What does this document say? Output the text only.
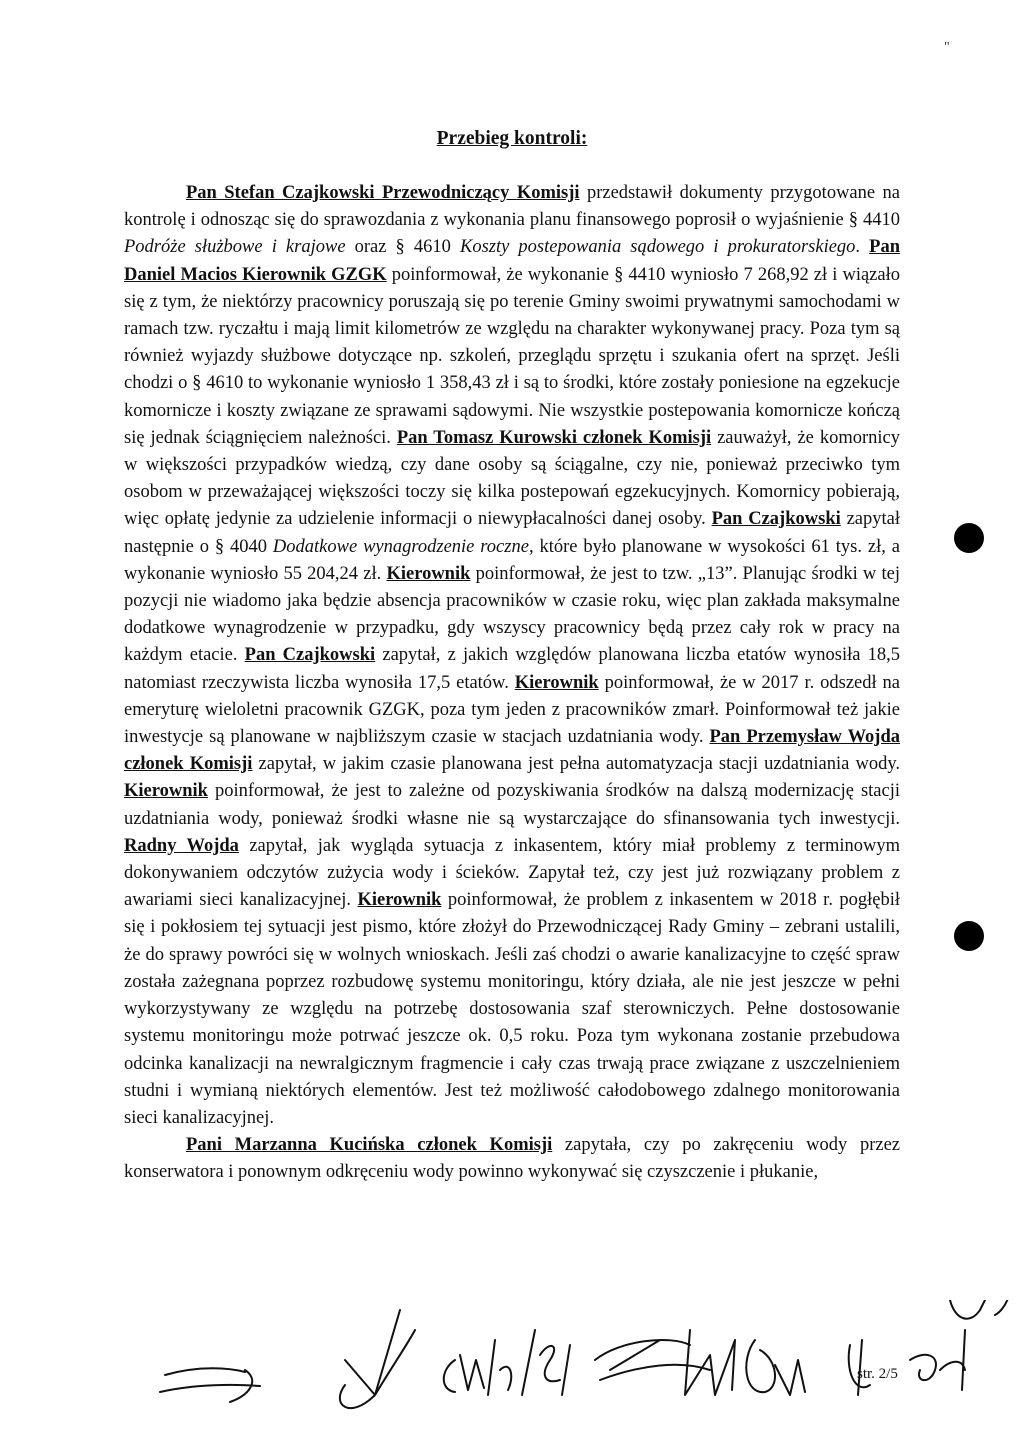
"
Przebieg kontroli:

Pan Stefan Czajkowski Przewodniczący Komisji przedstawił dokumenty przygotowane na kontrolę i odnosząc się do sprawozdania z wykonania planu finansowego poprosił o wyjaśnienie § 4410 Podróże służbowe i krajowe oraz § 4610 Koszty postepowania sądowego i prokuratorskiego. Pan Daniel Macios Kierownik GZGK poinformował, że wykonanie § 4410 wyniosło 7 268,92 zł i wiązało się z tym, że niektórzy pracownicy poruszają się po terenie Gminy swoimi prywatnymi samochodami w ramach tzw. ryczałtu i mają limit kilometrów ze względu na charakter wykonywanej pracy. Poza tym są również wyjazdy służbowe dotyczące np. szkoleń, przeglądu sprzętu i szukania ofert na sprzęt. Jeśli chodzi o § 4610 to wykonanie wyniosło 1 358,43 zł i są to środki, które zostały poniesione na egzekucje komornicze i koszty związane ze sprawami sądowymi. Nie wszystkie postepowania komornicze kończą się jednak ściągnięciem należności. Pan Tomasz Kurowski członek Komisji zauważył, że komornicy w większości przypadków wiedzą, czy dane osoby są ściągalne, czy nie, ponieważ przeciwko tym osobom w przeważającej większości toczy się kilka postepowań egzekucyjnych. Komornicy pobierają, więc opłatę jedynie za udzielenie informacji o niewypłacalności danej osoby. Pan Czajkowski zapytał następnie o § 4040 Dodatkowe wynagrodzenie roczne, które było planowane w wysokości 61 tys. zł, a wykonanie wyniosło 55 204,24 zł. Kierownik poinformował, że jest to tzw. „13”. Planując środki w tej pozycji nie wiadomo jaka będzie absencja pracowników w czasie roku, więc plan zakłada maksymalne dodatkowe wynagrodzenie w przypadku, gdy wszyscy pracownicy będą przez cały rok w pracy na każdym etacie. Pan Czajkowski zapytał, z jakich względów planowana liczba etatów wynosiła 18,5 natomiast rzeczywista liczba wynosiła 17,5 etatów. Kierownik poinformował, że w 2017 r. odszedł na emeryturę wieloletni pracownik GZGK, poza tym jeden z pracowników zmarł. Poinformował też jakie inwestycje są planowane w najbliższym czasie w stacjach uzdatniania wody. Pan Przemysław Wojda członek Komisji zapytał, w jakim czasie planowana jest pełna automatyzacja stacji uzdatniania wody. Kierownik poinformował, że jest to zależne od pozyskiwania środków na dalszą modernizację stacji uzdatniania wody, ponieważ środki własne nie są wystarczające do sfinansowania tych inwestycji. Radny Wojda zapytał, jak wygląda sytuacja z inkasentem, który miał problemy z terminowym dokonywaniem odczytów zużycia wody i ścieków. Zapytał też, czy jest już rozwiązany problem z awariami sieci kanalizacyjnej. Kierownik poinformował, że problem z inkasentem w 2018 r. pogłębił się i pokłosiem tej sytuacji jest pismo, które złożył do Przewodniczącej Rady Gminy – zebrani ustalili, że do sprawy powróci się w wolnych wnioskach. Jeśli zaś chodzi o awarie kanalizacyjne to część spraw została zażegnana poprzez rozbudowę systemu monitoringu, który działa, ale nie jest jeszcze w pełni wykorzystywany ze względu na potrzebę dostosowania szaf sterowniczych. Pełne dostosowanie systemu monitoringu może potrwać jeszcze ok. 0,5 roku. Poza tym wykonana zostanie przebudowa odcinka kanalizacji na newralgicznym fragmencie i cały czas trwają prace związane z uszczelnieniem studni i wymianą niektórych elementów. Jest też możliwość całodobowego zdalnego monitorowania sieci kanalizacyjnej.

Pani Marzanna Kucińska członek Komisji zapytała, czy po zakręceniu wody przez konserwatora i ponownym odkręceniu wody powinno wykonywać się czyszczenie i płukanie,

str. 2/5
